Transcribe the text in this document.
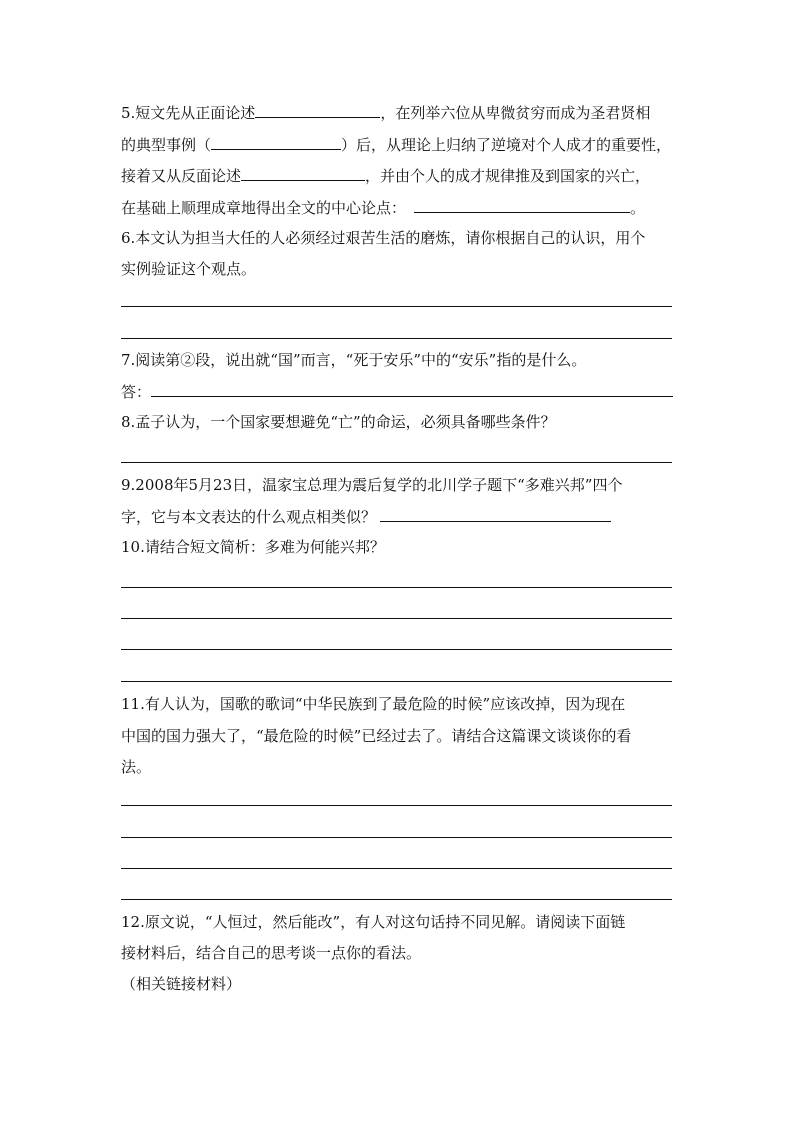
5.短文先从正面论述	，在列举六位从卑微贫穷而成为圣君贤相
的典型事例（	）后，从理论上归纳了逆境对个人成才的重要性，
接着又从反面论述	，并由个人的成才规律推及到国家的兴亡，
在基础上顺理成章地得出全文的中心论点：	。
6.本文认为担当大任的人必须经过艰苦生活的磨炼，请你根据自己的认识，用个
实例验证这个观点。
7.阅读第②段，说出就“国”而言，“死于安乐”中的“安乐”指的是什么。
答：
8.孟子认为，一个国家要想避免“亡”的命运，必须具备哪些条件？
9.2008年5月23日，温家宝总理为震后复学的北川学子题下“多难兴邦”四个
字，它与本文表达的什么观点相类似？
10.请结合短文简析：多难为何能兴邦？
11.有人认为，国歌的歌词“中华民族到了最危险的时候”应该改掉，因为现在
中国的国力强大了，“最危险的时候”已经过去了。请结合这篇课文谈谈你的看
法。
12.原文说，“人恒过，然后能改”，有人对这句话持不同见解。请阅读下面链
接材料后，结合自己的思考谈一点你的看法。
（相关链接材料）
